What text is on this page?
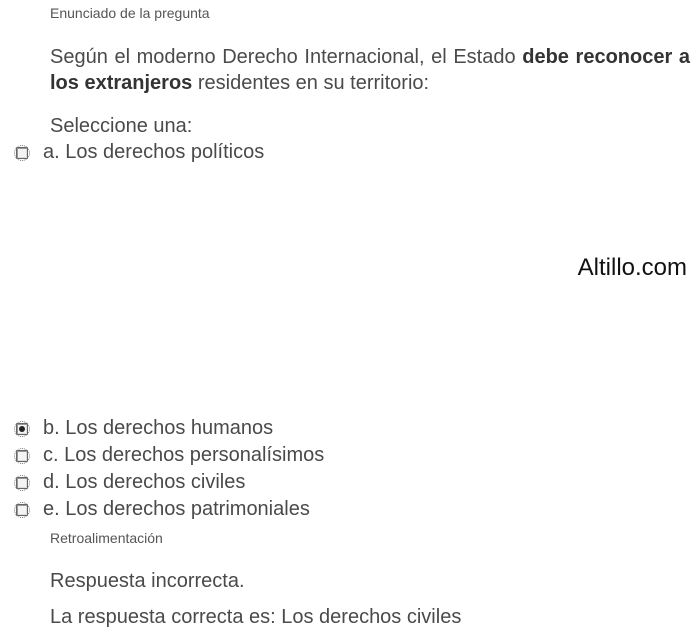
Enunciado de la pregunta
Según el moderno Derecho Internacional, el Estado debe reconocer a los extranjeros residentes en su territorio:
Seleccione una:
a. Los derechos políticos
Altillo.com
b. Los derechos humanos
c. Los derechos personalísimos
d. Los derechos civiles
e. Los derechos patrimoniales
Retroalimentación
Respuesta incorrecta.
La respuesta correcta es: Los derechos civiles
